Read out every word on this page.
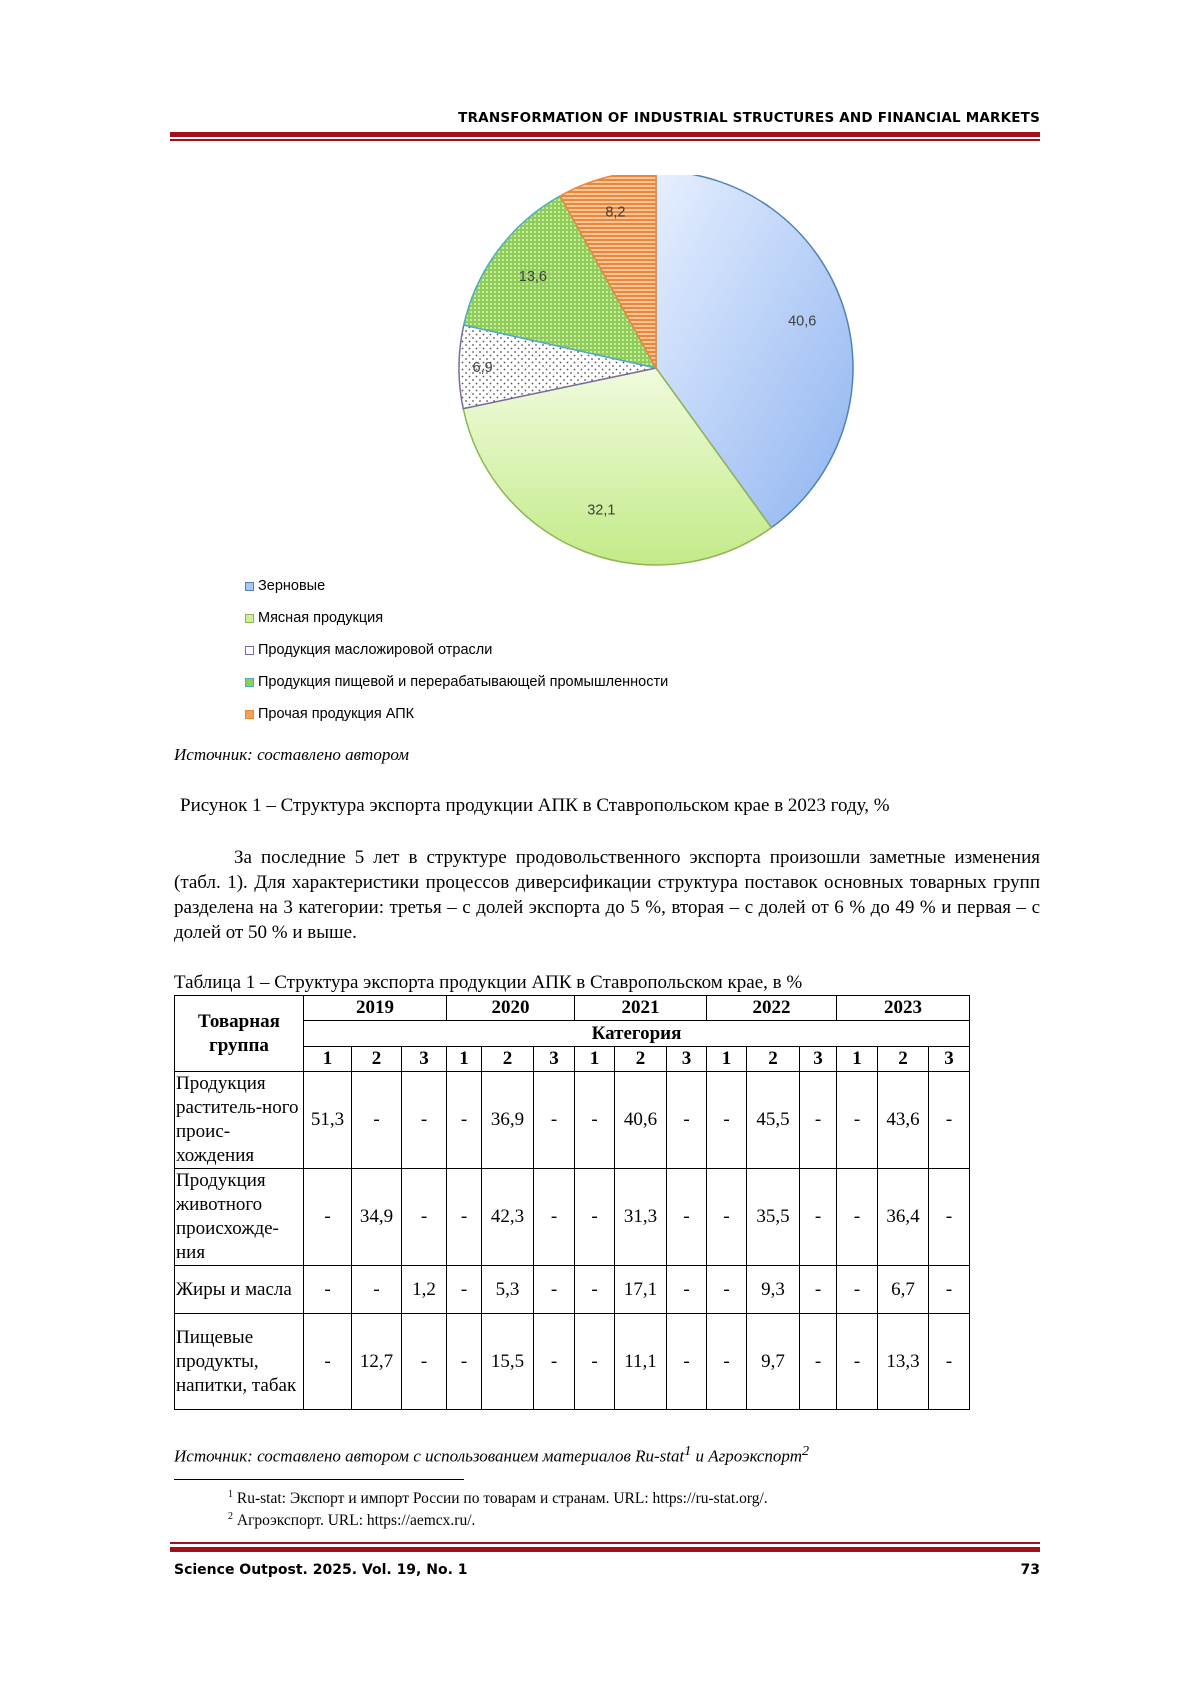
TRANSFORMATION OF INDUSTRIAL STRUCTURES AND FINANCIAL MARKETS
40,6
32,1
6,9
13,6
8,2
Зерновые
Мясная продукция
Продукция масложировой отрасли
Продукция пищевой и перерабатывающей промышленности
Прочая продукция АПК
Источник: составлено автором
Рисунок 1 – Структура экспорта продукции АПК в Ставропольском крае в 2023 году, %

За последние 5 лет в структуре продовольственного экспорта произошли заметные изменения (табл. 1). Для характеристики процессов диверсификации структура поставок основных товарных групп разделена на 3 категории: третья – с долей экспорта до 5 %, вторая – с долей от 6 % до 49 % и первая – с долей от 50 % и выше.

Таблица 1 – Структура экспорта продукции АПК в Ставропольском крае, в %
Товарная группа	2019			2020			2021			2022			2023		
	Категория														
	1	2	3	1	2	3	1	2	3	1	2	3	1	2	3
Продукция раститель-ного проис-хождения	51,3	-	-	-	36,9	-	-	40,6	-	-	45,5	-	-	43,6	-
Продукция животного происхожде-ния	-	34,9	-	-	42,3	-	-	31,3	-	-	35,5	-	-	36,4	-
Жиры и масла	-	-	1,2	-	5,3	-	-	17,1	-	-	9,3	-	-	6,7	-
Пищевые продукты, напитки, табак	-	12,7	-	-	15,5	-	-	11,1	-	-	9,7	-	-	13,3	-
Источник: составлено автором с использованием материалов Ru-stat$^1$ и Агроэкспорт$^2$
$^1$ Ru-stat: Экспорт и импорт России по товарам и странам. URL: https://ru-stat.org/.
$^2$ Агроэкспорт. URL: https://aemcx.ru/.
Science Outpost. 2025. Vol. 19, No. 1	73
